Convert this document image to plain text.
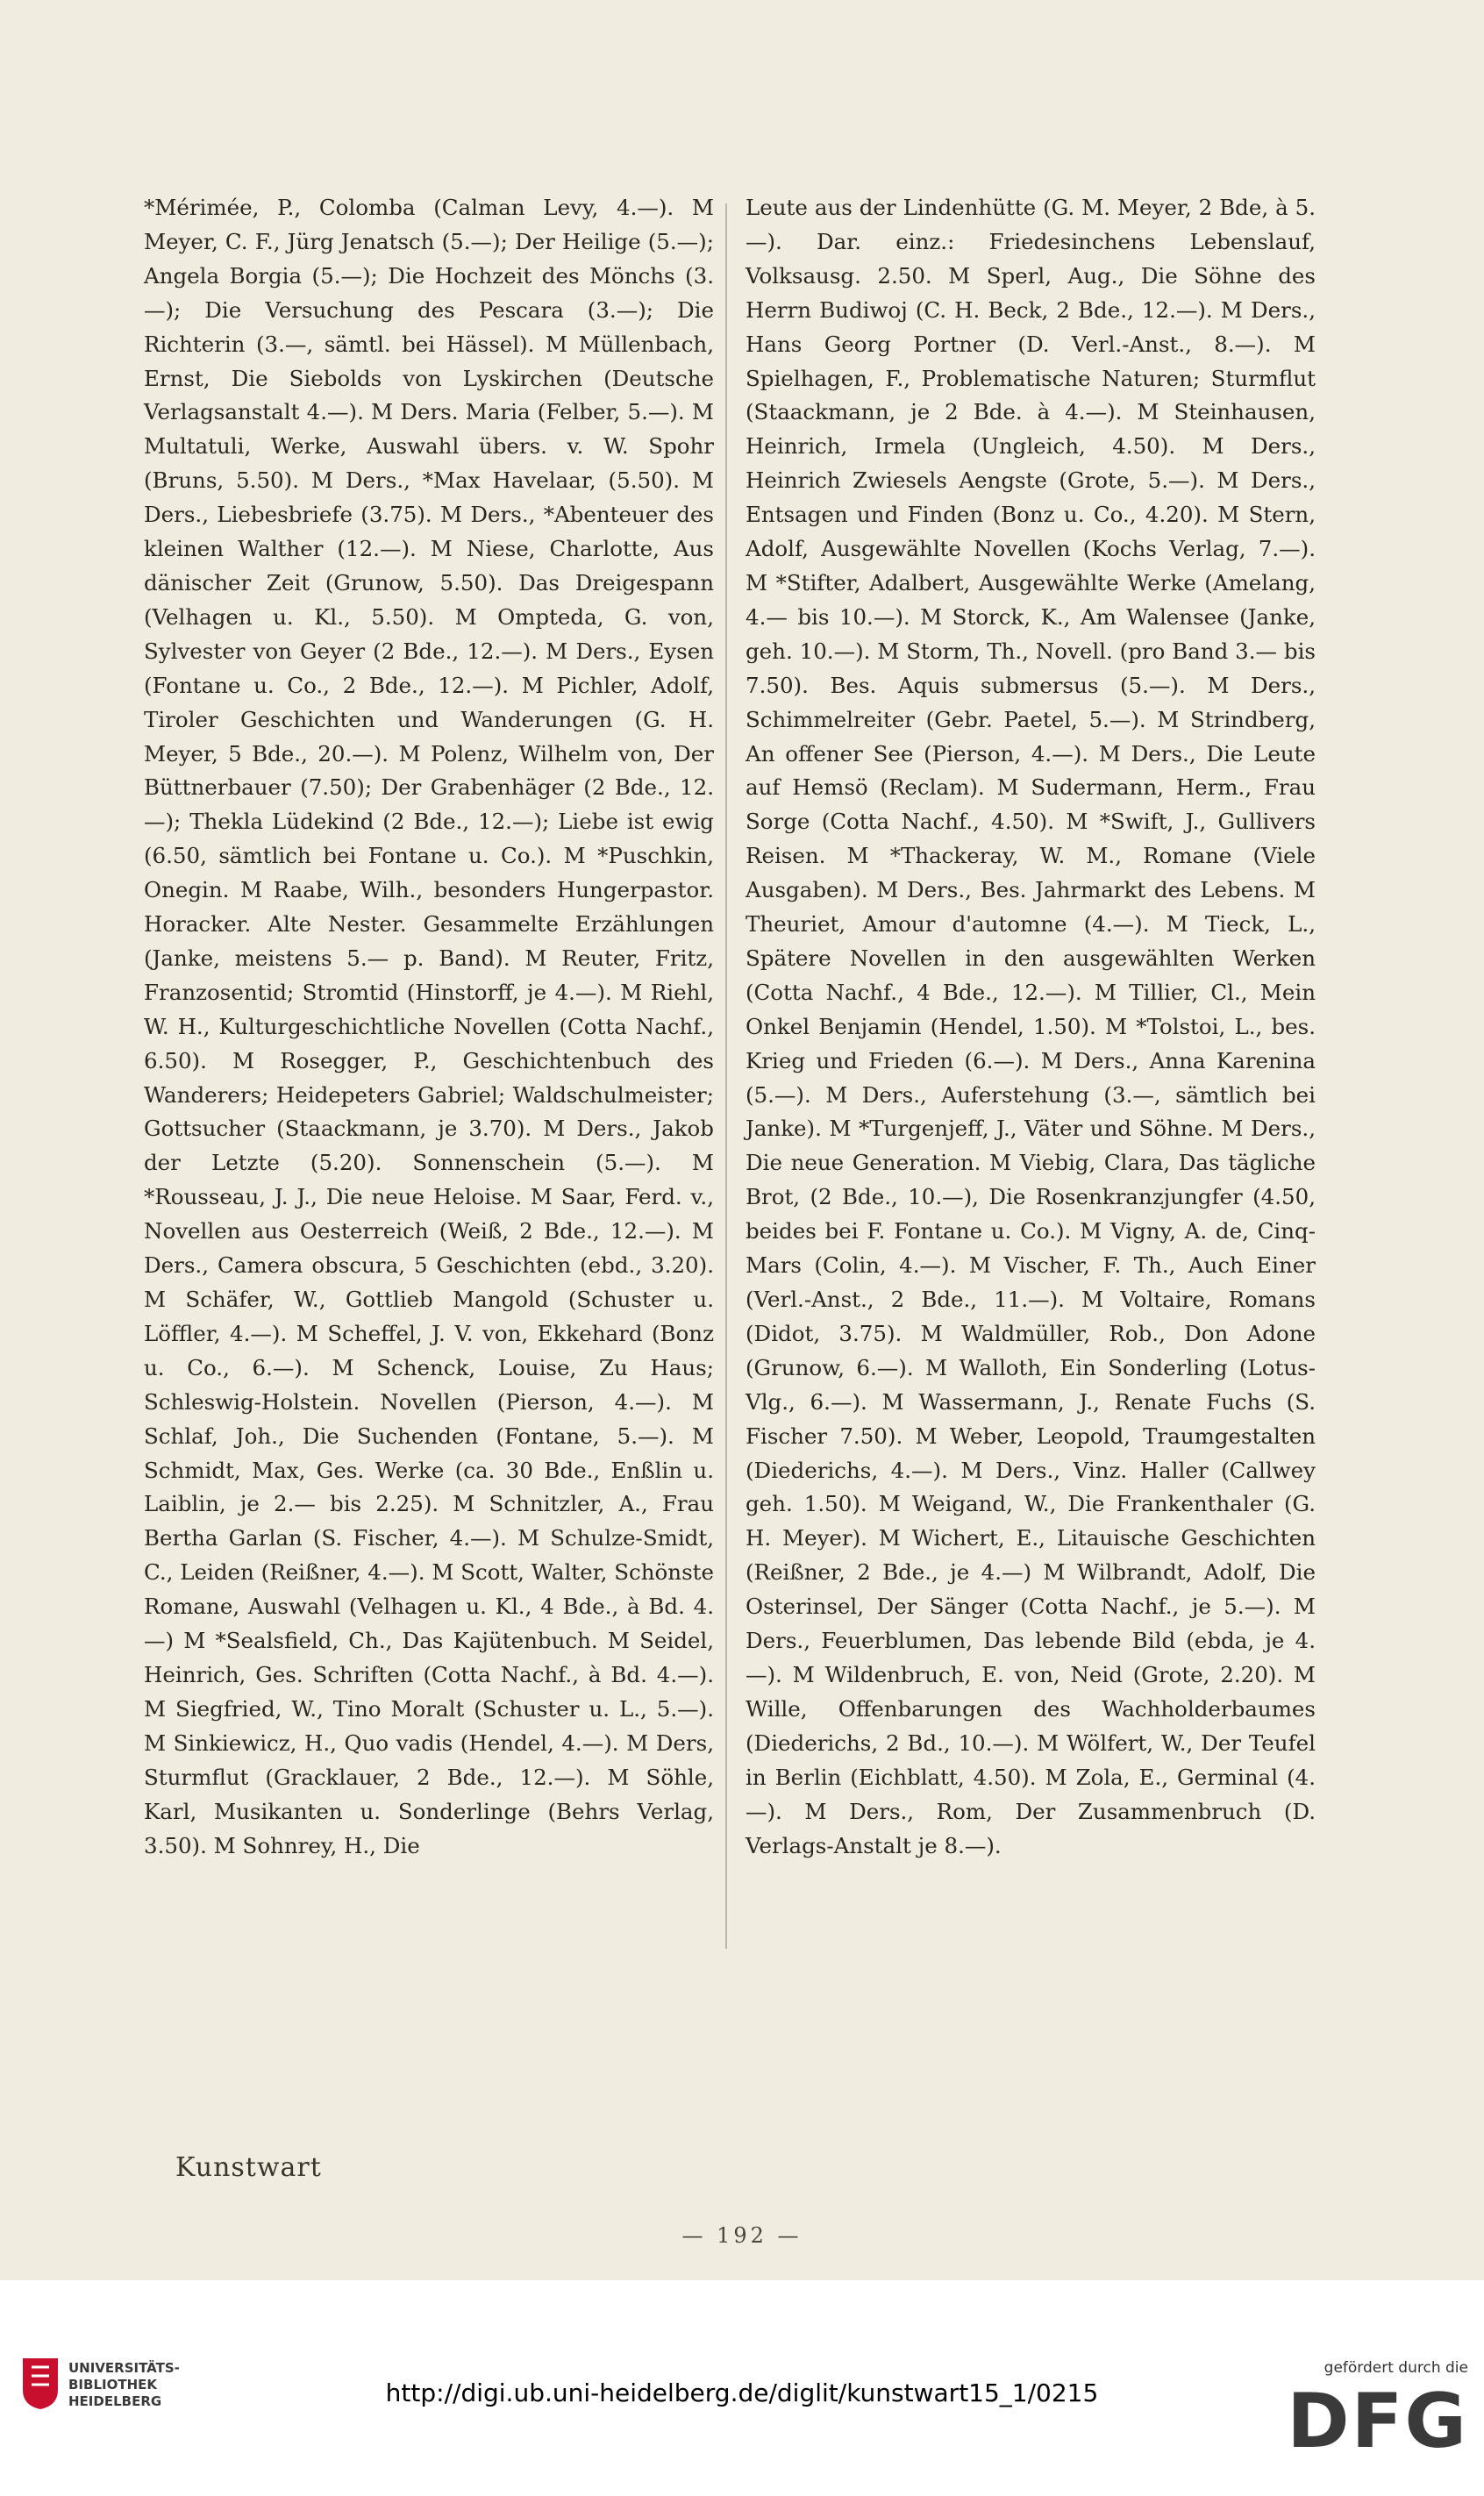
*Mérimée, P., Colomba (Calman Levy, 4.—). M Meyer, C. F., Jürg Jenatsch (5.—); Der Heilige (5.—); Angela Borgia (5.—); Die Hochzeit des Mönchs (3.—); Die Versuchung des Pescara (3.—); Die Richterin (3.—, sämtl. bei Hässel). M Müllenbach, Ernst, Die Siebolds von Lyskirchen (Deutsche Verlagsanstalt 4.—). M Ders. Maria (Felber, 5.—). M Multatuli, Werke, Auswahl übers. v. W. Spohr (Bruns, 5.50). M Ders., *Max Havelaar, (5.50). M Ders., Liebesbriefe (3.75). M Ders., *Abenteuer des kleinen Walther (12.—). M Niese, Charlotte, Aus dänischer Zeit (Grunow, 5.50). Das Dreigespann (Velhagen u. Kl., 5.50). M Ompteda, G. von, Sylvester von Geyer (2 Bde., 12.—). M Ders., Eysen (Fontane u. Co., 2 Bde., 12.—). M Pichler, Adolf, Tiroler Geschichten und Wanderungen (G. H. Meyer, 5 Bde., 20.—). M Polenz, Wilhelm von, Der Büttnerbauer (7.50); Der Grabenhäger (2 Bde., 12.—); Thekla Lüdekind (2 Bde., 12.—); Liebe ist ewig (6.50, sämtlich bei Fontane u. Co.). M *Puschkin, Onegin. M Raabe, Wilh., besonders Hungerpastor. Horacker. Alte Nester. Gesammelte Erzählungen (Janke, meistens 5.— p. Band). M Reuter, Fritz, Franzosentid; Stromtid (Hinstorff, je 4.—). M Riehl, W. H., Kulturgeschichtliche Novellen (Cotta Nachf., 6.50). M Rosegger, P., Geschichtenbuch des Wanderers; Heidepeters Gabriel; Waldschulmeister; Gottsucher (Staackmann, je 3.70). M Ders., Jakob der Letzte (5.20). Sonnenschein (5.—). M *Rousseau, J. J., Die neue Heloise. M Saar, Ferd. v., Novellen aus Oesterreich (Weiß, 2 Bde., 12.—). M Ders., Camera obscura, 5 Geschichten (ebd., 3.20). M Schäfer, W., Gottlieb Mangold (Schuster u. Löffler, 4.—). M Scheffel, J. V. von, Ekkehard (Bonz u. Co., 6.—). M Schenck, Louise, Zu Haus; Schleswig-Holstein. Novellen (Pierson, 4.—). M Schlaf, Joh., Die Suchenden (Fontane, 5.—). M Schmidt, Max, Ges. Werke (ca. 30 Bde., Enßlin u. Laiblin, je 2.— bis 2.25). M Schnitzler, A., Frau Bertha Garlan (S. Fischer, 4.—). M Schulze-Smidt, C., Leiden (Reißner, 4.—). M Scott, Walter, Schönste Romane, Auswahl (Velhagen u. Kl., 4 Bde., à Bd. 4.—) M *Sealsfield, Ch., Das Kajütenbuch. M Seidel, Heinrich, Ges. Schriften (Cotta Nachf., à Bd. 4.—). M Siegfried, W., Tino Moralt (Schuster u. L., 5.—). M Sinkiewicz, H., Quo vadis (Hendel, 4.—). M Ders, Sturmflut (Gracklauer, 2 Bde., 12.—). M Söhle, Karl, Musikanten u. Sonderlinge (Behrs Verlag, 3.50). M Sohnrey, H., Die
Leute aus der Lindenhütte (G. M. Meyer, 2 Bde, à 5.—). Dar. einz.: Friedesinchens Lebenslauf, Volksausg. 2.50. M Sperl, Aug., Die Söhne des Herrn Budiwoj (C. H. Beck, 2 Bde., 12.—). M Ders., Hans Georg Portner (D. Verl.-Anst., 8.—). M Spielhagen, F., Problematische Naturen; Sturmflut (Staackmann, je 2 Bde. à 4.—). M Steinhausen, Heinrich, Irmela (Ungleich, 4.50). M Ders., Heinrich Zwiesels Aengste (Grote, 5.—). M Ders., Entsagen und Finden (Bonz u. Co., 4.20). M Stern, Adolf, Ausgewählte Novellen (Kochs Verlag, 7.—). M *Stifter, Adalbert, Ausgewählte Werke (Amelang, 4.— bis 10.—). M Storck, K., Am Walensee (Janke, geh. 10.—). M Storm, Th., Novell. (pro Band 3.— bis 7.50). Bes. Aquis submersus (5.—). M Ders., Schimmelreiter (Gebr. Paetel, 5.—). M Strindberg, An offener See (Pierson, 4.—). M Ders., Die Leute auf Hemsö (Reclam). M Sudermann, Herm., Frau Sorge (Cotta Nachf., 4.50). M *Swift, J., Gullivers Reisen. M *Thackeray, W. M., Romane (Viele Ausgaben). M Ders., Bes. Jahrmarkt des Lebens. M Theuriet, Amour d'automne (4.—). M Tieck, L., Spätere Novellen in den ausgewählten Werken (Cotta Nachf., 4 Bde., 12.—). M Tillier, Cl., Mein Onkel Benjamin (Hendel, 1.50). M *Tolstoi, L., bes. Krieg und Frieden (6.—). M Ders., Anna Karenina (5.—). M Ders., Auferstehung (3.—, sämtlich bei Janke). M *Turgenjeff, J., Väter und Söhne. M Ders., Die neue Generation. M Viebig, Clara, Das tägliche Brot, (2 Bde., 10.—), Die Rosenkranzjungfer (4.50, beides bei F. Fontane u. Co.). M Vigny, A. de, Cinq-Mars (Colin, 4.—). M Vischer, F. Th., Auch Einer (Verl.-Anst., 2 Bde., 11.—). M Voltaire, Romans (Didot, 3.75). M Waldmüller, Rob., Don Adone (Grunow, 6.—). M Walloth, Ein Sonderling (Lotus-Vlg., 6.—). M Wassermann, J., Renate Fuchs (S. Fischer 7.50). M Weber, Leopold, Traumgestalten (Diederichs, 4.—). M Ders., Vinz. Haller (Callwey geh. 1.50). M Weigand, W., Die Frankenthaler (G. H. Meyer). M Wichert, E., Litauische Geschichten (Reißner, 2 Bde., je 4.—) M Wilbrandt, Adolf, Die Osterinsel, Der Sänger (Cotta Nachf., je 5.—). M Ders., Feuerblumen, Das lebende Bild (ebda, je 4.—). M Wildenbruch, E. von, Neid (Grote, 2.20). M Wille, Offenbarungen des Wachholderbaumes (Diederichs, 2 Bd., 10.—). M Wölfert, W., Der Teufel in Berlin (Eichblatt, 4.50). M Zola, E., Germinal (4.—). M Ders., Rom, Der Zusammenbruch (D. Verlags-Anstalt je 8.—).
Kunstwart
— 192 —
UNIVERSITÄTS-
BIBLIOTHEK
HEIDELBERG	http://digi.ub.uni-heidelberg.de/diglit/kunstwart15_1/0215
gefördert durch die
DFG
